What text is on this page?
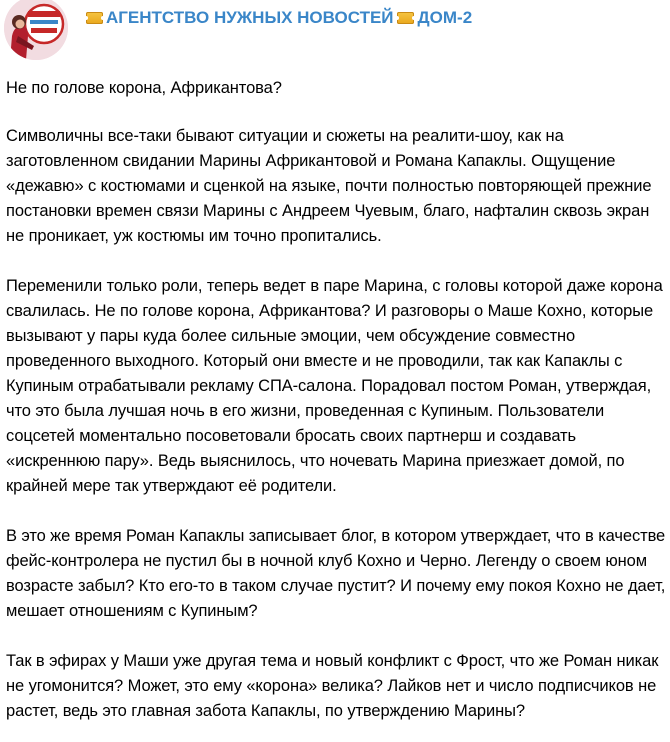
АГЕНТСТВО НУЖНЫХ НОВОСТЕЙ ДОМ-2

Не по голове корона, Африкантова?

Символичны все-таки бывают ситуации и сюжеты на реалити-шоу, как на заготовленном свидании Марины Африкантовой и Романа Капаклы. Ощущение «дежавю» с костюмами и сценкой на языке, почти полностью повторяющей прежние постановки времен связи Марины с Андреем Чуевым, благо, нафталин сквозь экран не проникает, уж костюмы им точно пропитались.

Переменили только роли, теперь ведет в паре Марина, с головы которой даже корона свалилась. Не по голове корона, Африкантова? И разговоры о Маше Кохно, которые вызывают у пары куда более сильные эмоции, чем обсуждение совместно проведенного выходного. Который они вместе и не проводили, так как Капаклы с Купиным отрабатывали рекламу СПА-салона. Порадовал постом Роман, утверждая, что это была лучшая ночь в его жизни, проведенная с Купиным. Пользователи соцсетей моментально посоветовали бросать своих партнерш и создавать «искреннюю пару». Ведь выяснилось, что ночевать Марина приезжает домой, по крайней мере так утверждают её родители.

В это же время Роман Капаклы записывает блог, в котором утверждает, что в качестве фейс-контролера не пустил бы в ночной клуб Кохно и Черно. Легенду о своем юном возрасте забыл? Кто его-то в таком случае пустит? И почему ему покоя Кохно не дает, мешает отношениям с Купиным?

Так в эфирах у Маши уже другая тема и новый конфликт с Фрост, что же Роман никак не угомонится? Может, это ему «корона» велика? Лайков нет и число подписчиков не растет, ведь это главная забота Капаклы, по утверждению Марины?
